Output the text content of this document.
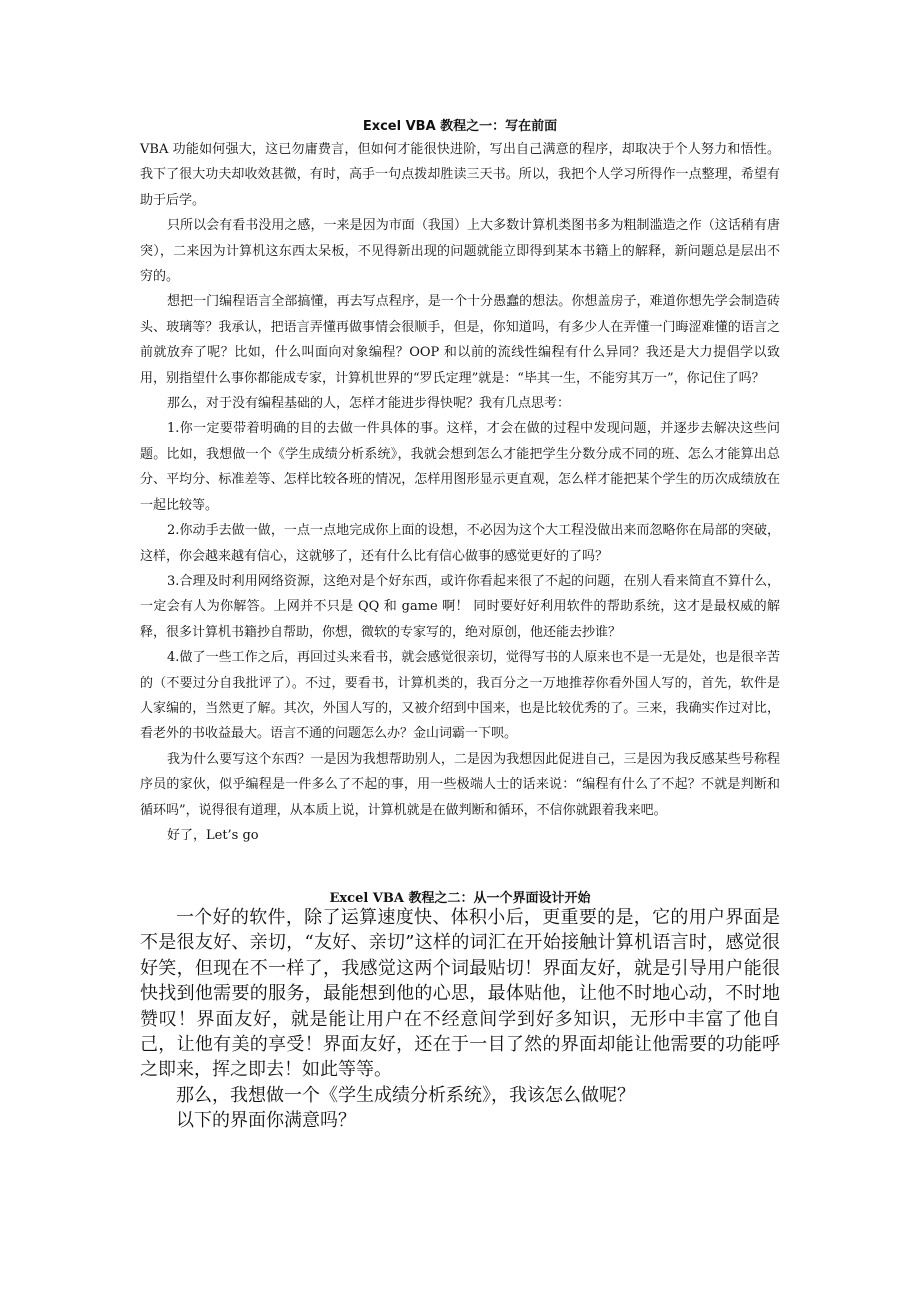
Excel VBA 教程之一：写在前面

VBA 功能如何强大，这已勿庸费言，但如何才能很快进阶，写出自己满意的程序，却取决于个人努力和悟性。我下了很大功夫却收效甚微，有时，高手一句点拨却胜读三天书。所以，我把个人学习所得作一点整理，希望有助于后学。

只所以会有看书没用之感，一来是因为市面（我国）上大多数计算机类图书多为粗制滥造之作（这话稍有唐突），二来因为计算机这东西太呆板，不见得新出现的问题就能立即得到某本书籍上的解释，新问题总是层出不穷的。

想把一门编程语言全部搞懂，再去写点程序，是一个十分愚蠢的想法。你想盖房子，难道你想先学会制造砖头、玻璃等？我承认，把语言弄懂再做事情会很顺手，但是，你知道吗，有多少人在弄懂一门晦涩难懂的语言之前就放弃了呢？比如，什么叫面向对象编程？OOP 和以前的流线性编程有什么异同？我还是大力提倡学以致用，别指望什么事你都能成专家，计算机世界的“罗氏定理”就是：“毕其一生，不能穷其万一”，你记住了吗？

那么，对于没有编程基础的人，怎样才能进步得快呢？我有几点思考：

1.你一定要带着明确的目的去做一件具体的事。这样，才会在做的过程中发现问题，并逐步去解决这些问题。比如，我想做一个《学生成绩分析系统》，我就会想到怎么才能把学生分数分成不同的班、怎么才能算出总分、平均分、标准差等、怎样比较各班的情况，怎样用图形显示更直观，怎么样才能把某个学生的历次成绩放在一起比较等。

2.你动手去做一做，一点一点地完成你上面的设想，不必因为这个大工程没做出来而忽略你在局部的突破，这样，你会越来越有信心，这就够了，还有什么比有信心做事的感觉更好的了吗？

3.合理及时利用网络资源，这绝对是个好东西，或许你看起来很了不起的问题，在别人看来简直不算什么，一定会有人为你解答。上网并不只是 QQ 和 game 啊！ 同时要好好利用软件的帮助系统，这才是最权威的解释，很多计算机书籍抄自帮助，你想，微软的专家写的，绝对原创，他还能去抄谁？

4.做了一些工作之后，再回过头来看书，就会感觉很亲切，觉得写书的人原来也不是一无是处，也是很辛苦的（不要过分自我批评了）。不过，要看书，计算机类的，我百分之一万地推荐你看外国人写的，首先，软件是人家编的，当然更了解。其次，外国人写的，又被介绍到中国来，也是比较优秀的了。三来，我确实作过对比，看老外的书收益最大。语言不通的问题怎么办？金山词霸一下呗。

我为什么要写这个东西？一是因为我想帮助别人，二是因为我想因此促进自己，三是因为我反感某些号称程序员的家伙，似乎编程是一件多么了不起的事，用一些极端人士的话来说：“编程有什么了不起？不就是判断和循环吗”，说得很有道理，从本质上说，计算机就是在做判断和循环，不信你就跟着我来吧。

好了，Let’s go

Excel VBA 教程之二：从一个界面设计开始

一个好的软件，除了运算速度快、体积小后，更重要的是，它的用户界面是不是很友好、亲切，“友好、亲切”这样的词汇在开始接触计算机语言时，感觉很好笑，但现在不一样了，我感觉这两个词最贴切！界面友好，就是引导用户能很快找到他需要的服务，最能想到他的心思，最体贴他，让他不时地心动，不时地赞叹！界面友好，就是能让用户在不经意间学到好多知识，无形中丰富了他自己，让他有美的享受！界面友好，还在于一目了然的界面却能让他需要的功能呼之即来，挥之即去！如此等等。

那么，我想做一个《学生成绩分析系统》，我该怎么做呢？

以下的界面你满意吗？
